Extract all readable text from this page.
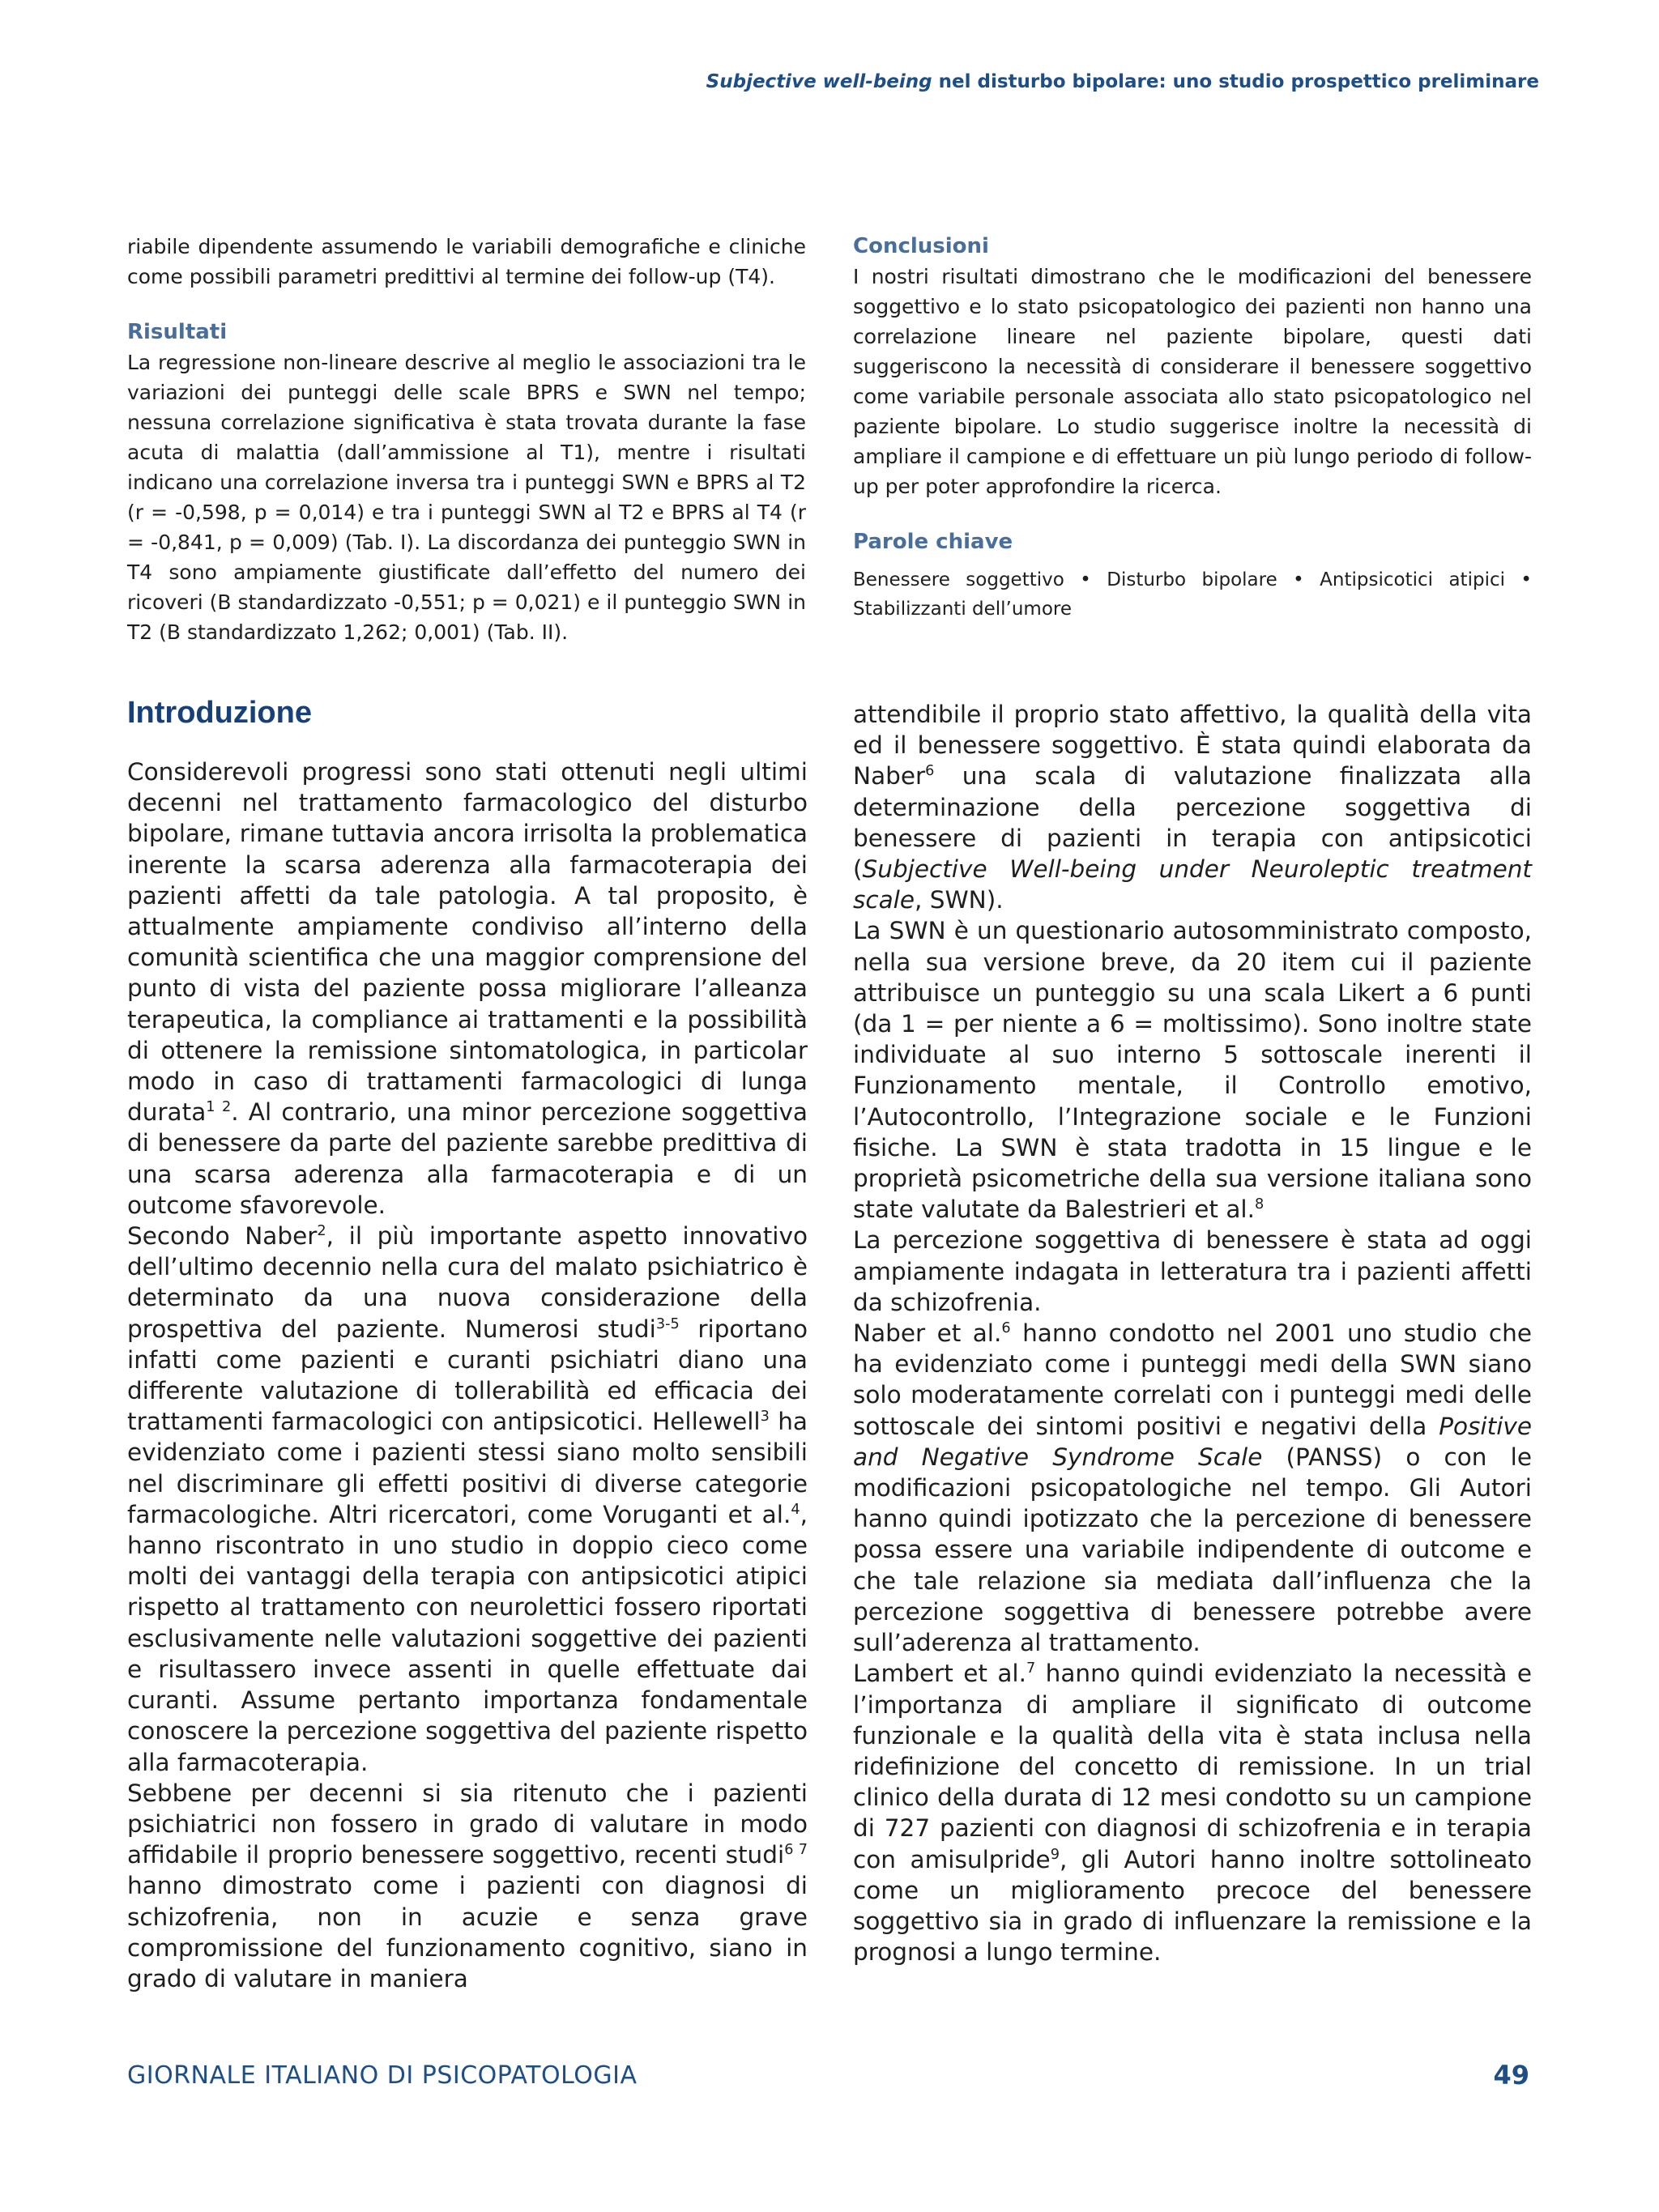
Subjective well-being nel disturbo bipolare: uno studio prospettico preliminare

riabile dipendente assumendo le variabili demografiche e cliniche come possibili parametri predittivi al termine dei follow-up (T4).

Risultati

La regressione non-lineare descrive al meglio le associazioni tra le variazioni dei punteggi delle scale BPRS e SWN nel tempo; nessuna correlazione significativa è stata trovata durante la fase acuta di malattia (dall’ammissione al T1), mentre i risultati indicano una correlazione inversa tra i punteggi SWN e BPRS al T2 (r = -0,598, p = 0,014) e tra i punteggi SWN al T2 e BPRS al T4 (r = -0,841, p = 0,009) (Tab. I). La discordanza dei punteggio SWN in T4 sono ampiamente giustificate dall’effetto del numero dei ricoveri (B standardizzato -0,551; p = 0,021) e il punteggio SWN in T2 (B standardizzato 1,262; 0,001) (Tab. II).

Conclusioni

I nostri risultati dimostrano che le modificazioni del benessere soggettivo e lo stato psicopatologico dei pazienti non hanno una correlazione lineare nel paziente bipolare, questi dati suggeriscono la necessità di considerare il benessere soggettivo come variabile personale associata allo stato psicopatologico nel paziente bipolare. Lo studio suggerisce inoltre la necessità di ampliare il campione e di effettuare un più lungo periodo di follow-up per poter approfondire la ricerca.

Parole chiave

Benessere soggettivo • Disturbo bipolare • Antipsicotici atipici • Stabilizzanti dell’umore

Introduzione

Considerevoli progressi sono stati ottenuti negli ultimi decenni nel trattamento farmacologico del disturbo bipolare, rimane tuttavia ancora irrisolta la problematica inerente la scarsa aderenza alla farmacoterapia dei pazienti affetti da tale patologia. A tal proposito, è attualmente ampiamente condiviso all’interno della comunità scientifica che una maggior comprensione del punto di vista del paziente possa migliorare l’alleanza terapeutica, la compliance ai trattamenti e la possibilità di ottenere la remissione sintomatologica, in particolar modo in caso di trattamenti farmacologici di lunga durata$^{1 2}$. Al contrario, una minor percezione soggettiva di benessere da parte del paziente sarebbe predittiva di una scarsa aderenza alla farmacoterapia e di un outcome sfavorevole.

Secondo Naber$^2$, il più importante aspetto innovativo dell’ultimo decennio nella cura del malato psichiatrico è determinato da una nuova considerazione della prospettiva del paziente. Numerosi studi$^{3-5}$ riportano infatti come pazienti e curanti psichiatri diano una differente valutazione di tollerabilità ed efficacia dei trattamenti farmacologici con antipsicotici. Hellewell$^3$ ha evidenziato come i pazienti stessi siano molto sensibili nel discriminare gli effetti positivi di diverse categorie farmacologiche. Altri ricercatori, come Voruganti et al.$^4$, hanno riscontrato in uno studio in doppio cieco come molti dei vantaggi della terapia con antipsicotici atipici rispetto al trattamento con neurolettici fossero riportati esclusivamente nelle valutazioni soggettive dei pazienti e risultassero invece assenti in quelle effettuate dai curanti. Assume pertanto importanza fondamentale conoscere la percezione soggettiva del paziente rispetto alla farmacoterapia.

Sebbene per decenni si sia ritenuto che i pazienti psichiatrici non fossero in grado di valutare in modo affidabile il proprio benessere soggettivo, recenti studi$^{6 7}$ hanno dimostrato come i pazienti con diagnosi di schizofrenia, non in acuzie e senza grave compromissione del funzionamento cognitivo, siano in grado di valutare in maniera

attendibile il proprio stato affettivo, la qualità della vita ed il benessere soggettivo. È stata quindi elaborata da Naber$^6$ una scala di valutazione finalizzata alla determinazione della percezione soggettiva di benessere di pazienti in terapia con antipsicotici (Subjective Well-being under Neuroleptic treatment scale, SWN).

La SWN è un questionario autosomministrato composto, nella sua versione breve, da 20 item cui il paziente attribuisce un punteggio su una scala Likert a 6 punti (da 1 = per niente a 6 = moltissimo). Sono inoltre state individuate al suo interno 5 sottoscale inerenti il Funzionamento mentale, il Controllo emotivo, l’Autocontrollo, l’Integrazione sociale e le Funzioni fisiche. La SWN è stata tradotta in 15 lingue e le proprietà psicometriche della sua versione italiana sono state valutate da Balestrieri et al.$^8$

La percezione soggettiva di benessere è stata ad oggi ampiamente indagata in letteratura tra i pazienti affetti da schizofrenia.

Naber et al.$^6$ hanno condotto nel 2001 uno studio che ha evidenziato come i punteggi medi della SWN siano solo moderatamente correlati con i punteggi medi delle sottoscale dei sintomi positivi e negativi della Positive and Negative Syndrome Scale (PANSS) o con le modificazioni psicopatologiche nel tempo. Gli Autori hanno quindi ipotizzato che la percezione di benessere possa essere una variabile indipendente di outcome e che tale relazione sia mediata dall’influenza che la percezione soggettiva di benessere potrebbe avere sull’aderenza al trattamento.

Lambert et al.$^7$ hanno quindi evidenziato la necessità e l’importanza di ampliare il significato di outcome funzionale e la qualità della vita è stata inclusa nella ridefinizione del concetto di remissione. In un trial clinico della durata di 12 mesi condotto su un campione di 727 pazienti con diagnosi di schizofrenia e in terapia con amisulpride$^9$, gli Autori hanno inoltre sottolineato come un miglioramento precoce del benessere soggettivo sia in grado di influenzare la remissione e la prognosi a lungo termine.

GIORNALE ITALIANO DI PSICOPATOLOGIA	49
